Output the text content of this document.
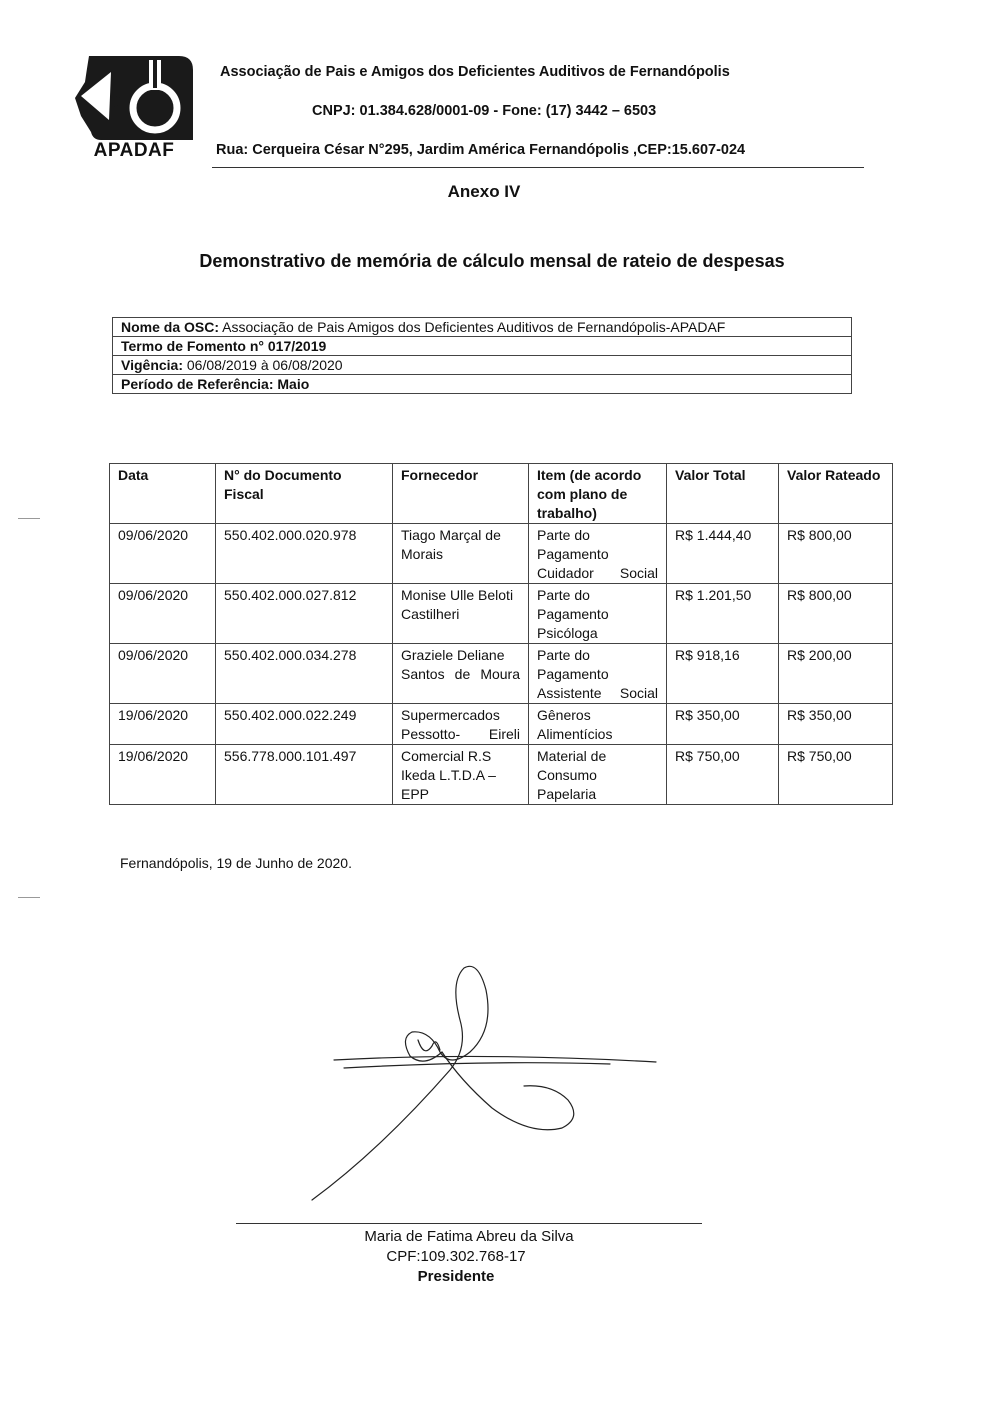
A
APADAF
Associação de Pais e Amigos dos Deficientes Auditivos de Fernandópolis
CNPJ: 01.384.628/0001-09 - Fone: (17) 3442 – 6503
Rua: Cerqueira César N°295, Jardim América Fernandópolis ,CEP:15.607-024
Anexo IV
Demonstrativo de memória de cálculo mensal de rateio de despesas
Nome da OSC: Associação de Pais Amigos dos Deficientes Auditivos de Fernandópolis-APADAF
Termo de Fomento n° 017/2019
Vigência: 06/08/2019 à 06/08/2020
Período de Referência: Maio
Data	N° do Documento Fiscal	Fornecedor	Item (de acordo com plano de trabalho)	Valor Total	Valor Rateado
09/06/2020	550.402.000.020.978	Tiago Marçal de Morais	Parte do Pagamento Cuidador Social	R$ 1.444,40	R$ 800,00
09/06/2020	550.402.000.027.812	Monise Ulle Beloti Castilheri	Parte do Pagamento Psicóloga	R$ 1.201,50	R$ 800,00
09/06/2020	550.402.000.034.278	Graziele Deliane Santos de Moura	Parte do Pagamento Assistente Social	R$ 918,16	R$ 200,00
19/06/2020	550.402.000.022.249	Supermercados Pessotto- Eireli	Gêneros Alimentícios	R$ 350,00	R$ 350,00
19/06/2020	556.778.000.101.497	Comercial R.S Ikeda L.T.D.A – EPP	Material de Consumo Papelaria	R$ 750,00	R$ 750,00
Fernandópolis, 19 de Junho de 2020.
Maria de Fatima Abreu da Silva
CPF:109.302.768-17
Presidente
